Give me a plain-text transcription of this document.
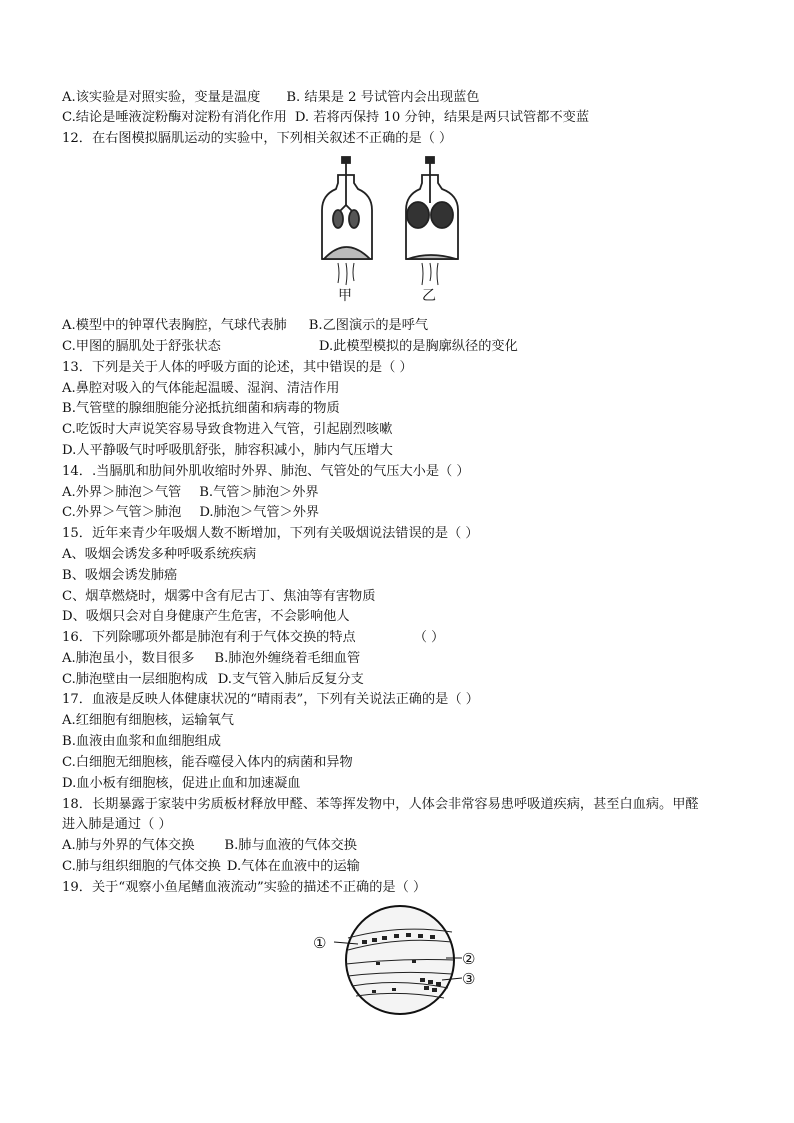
A.该实验是对照实验，变量是温度 B. 结果是 2 号试管内会出现蓝色
C.结论是唾液淀粉酶对淀粉有消化作用 D. 若将丙保持 10 分钟，结果是两只试管都不变蓝
12．在右图模拟膈肌运动的实验中，下列相关叙述不正确的是（ ）
甲	乙
A.模型中的钟罩代表胸腔，气球代表肺 B.乙图演示的是呼气
C.甲图的膈肌处于舒张状态	D.此模型模拟的是胸廓纵径的变化
13．下列是关于人体的呼吸方面的论述，其中错误的是（ ）
A.鼻腔对吸入的气体能起温暖、湿润、清洁作用
B.气管壁的腺细胞能分泌抵抗细菌和病毒的物质
C.吃饭时大声说笑容易导致食物进入气管，引起剧烈咳嗽
D.人平静吸气时呼吸肌舒张，肺容积减小，肺内气压增大
14．.当膈肌和肋间外肌收缩时外界、肺泡、气管处的气压大小是（ ）
A.外界＞肺泡＞气管 B.气管＞肺泡＞外界
C.外界＞气管＞肺泡 D.肺泡＞气管＞外界
15．近年来青少年吸烟人数不断增加，下列有关吸烟说法错误的是（ ）
A、吸烟会诱发多种呼吸系统疾病
B、吸烟会诱发肺癌
C、烟草燃烧时，烟雾中含有尼古丁、焦油等有害物质
D、吸烟只会对自身健康产生危害，不会影响他人
16．下列除哪项外都是肺泡有利于气体交换的特点	（ ）
A.肺泡虽小，数目很多 B.肺泡外缠绕着毛细血管
C.肺泡壁由一层细胞构成 D.支气管入肺后反复分支
17．血液是反映人体健康状况的“晴雨表”，下列有关说法正确的是（ ）
A.红细胞有细胞核，运输氧气
B.血液由血浆和血细胞组成
C.白细胞无细胞核，能吞噬侵入体内的病菌和异物
D.血小板有细胞核，促进止血和加速凝血
18．长期暴露于家装中劣质板材释放甲醛、苯等挥发物中，人体会非常容易患呼吸道疾病，甚至白血病。甲醛
进入肺是通过（ ）
A.肺与外界的气体交换 B.肺与血液的气体交换
C.肺与组织细胞的气体交换 D.气体在血液中的运输
19．关于“观察小鱼尾鳍血液流动”实验的描述不正确的是（ ）
①
②
③
